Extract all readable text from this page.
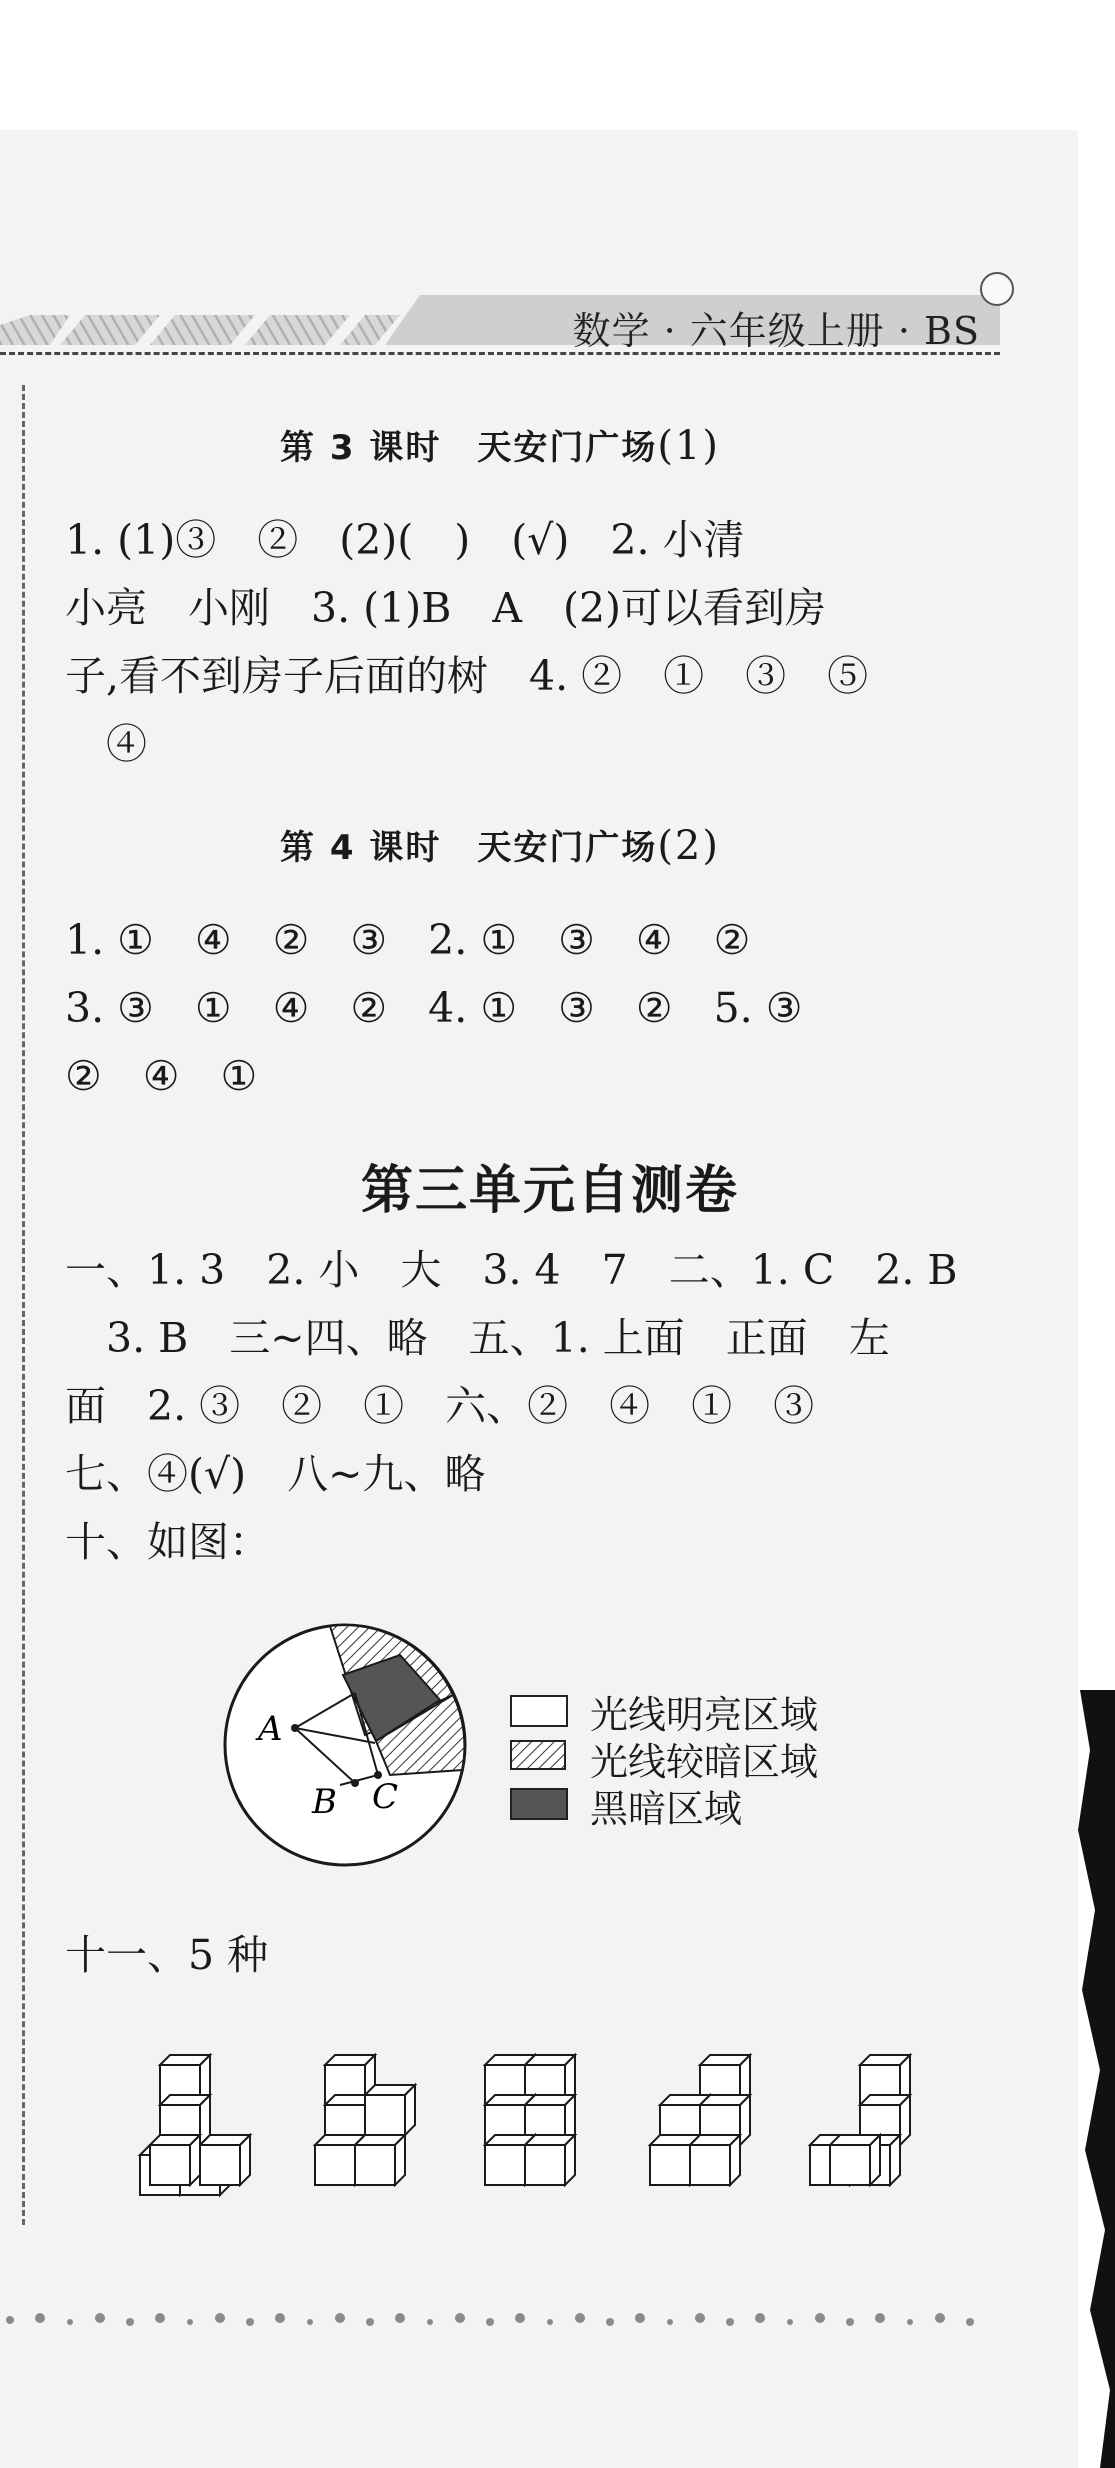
数学 · 六年级上册 · BS
第 3 课时　天安门广场(1)
1. (1)③　②　(2)(　)　(√)　2. 小清
小亮　小刚　3. (1)B　A　(2)可以看到房
子,看不到房子后面的树　4. ②　①　③　⑤
　④
第 4 课时　天安门广场(2)
1. ①　④　②　③　2. ①　③　④　②
3. ③　①　④　②　4. ①　③　②　5. ③
②　④　①
第三单元自测卷
一、1. 3　2. 小　大　3. 4　7　二、1. C　2. B
　3. B　三~四、略　五、1. 上面　正面　左
面　2. ③　②　①　六、②　④　①　③
七、④(√)　八~九、略
十、如图：
A
B C
光线明亮区域
光线较暗区域
黑暗区域
十一、5 种
